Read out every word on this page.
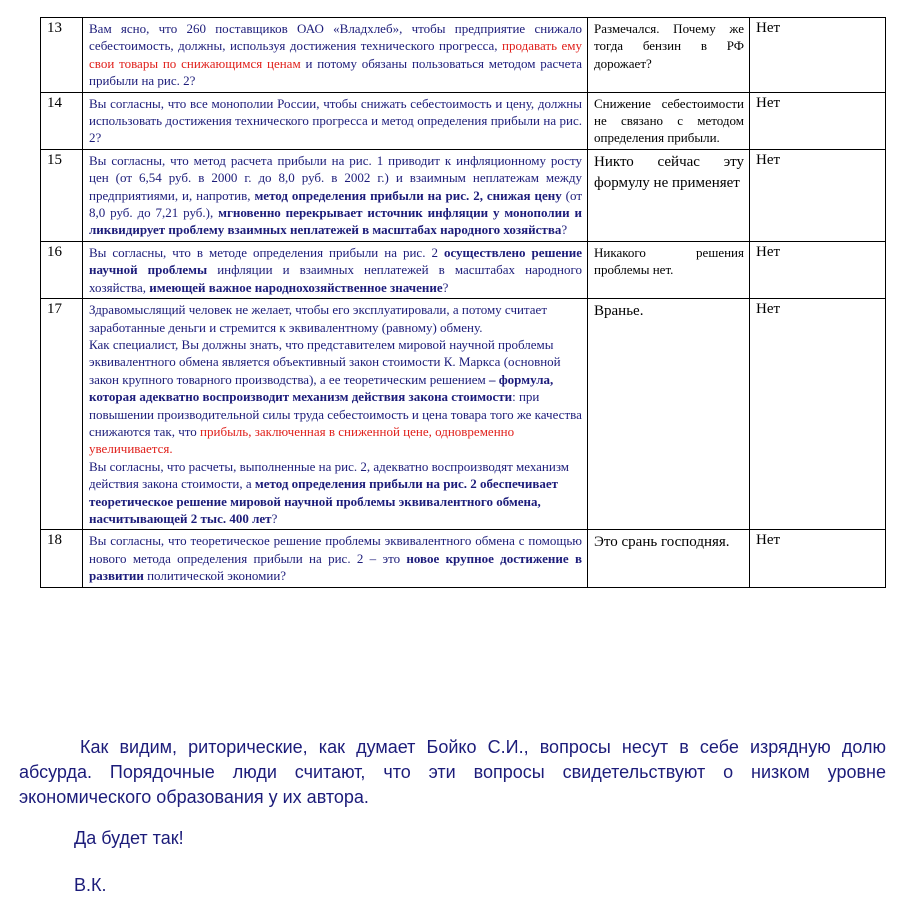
13	Вам ясно, что 260 поставщиков ОАО «Владхлеб», чтобы предприятие снижало себестоимость, должны, используя достижения технического прогресса, продавать ему свои товары по снижающимся ценам и потому обязаны пользоваться методом расчета прибыли на рис. 2?	Размечался. Почему же тогда бензин в РФ дорожает?	Нет
14	Вы согласны, что все монополии России, чтобы снижать себестоимость и цену, должны использовать достижения технического прогресса и метод определения прибыли на рис. 2?	Снижение себестоимости не связано с методом определения прибыли.	Нет
15	Вы согласны, что метод расчета прибыли на рис. 1 приводит к инфляционному росту цен (от 6,54 руб. в 2000 г. до 8,0 руб. в 2002 г.) и взаимным неплатежам между предприятиями, и, напротив, метод определения прибыли на рис. 2, снижая цену (от 8,0 руб. до 7,21 руб.), мгновенно перекрывает источник инфляции у монополии и ликвидирует проблему взаимных неплатежей в масштабах народного хозяйства?	Никто сейчас эту формулу не применяет	Нет
16	Вы согласны, что в методе определения прибыли на рис. 2 осуществлено решение научной проблемы инфляции и взаимных неплатежей в масштабах народного хозяйства, имеющей важное народнохозяйственное значение?	Никакого решения проблемы нет.	Нет
17	Здравомыслящий человек не желает, чтобы его эксплуатировали, а потому считает заработанные деньги и стремится к эквивалентному (равному) обмену.
Как специалист, Вы должны знать, что представителем мировой научной проблемы эквивалентного обмена является объективный закон стоимости К. Маркса (основной закон крупного товарного производства), а ее теоретическим решением – формула, которая адекватно воспроизводит механизм действия закона стоимости: при повышении производительной силы труда себестоимость и цена товара того же качества снижаются так, что прибыль, заключенная в сниженной цене, одновременно увеличивается.
Вы согласны, что расчеты, выполненные на рис. 2, адекватно воспроизводят механизм действия закона стоимости, а метод определения прибыли на рис. 2 обеспечивает теоретическое решение мировой научной проблемы эквивалентного обмена, насчитывающей 2 тыс. 400 лет?	Вранье.	Нет
18	Вы согласны, что теоретическое решение проблемы эквивалентного обмена с помощью нового метода определения прибыли на рис. 2 – это новое крупное достижение в развитии политической экономии?	Это срань господняя.	Нет

Как видим, риторические, как думает Бойко С.И., вопросы несут в себе изрядную долю абсурда. Порядочные люди считают, что эти вопросы свидетельствуют о низком уровне экономического образования у их автора.

Да будет так!

В.К.
